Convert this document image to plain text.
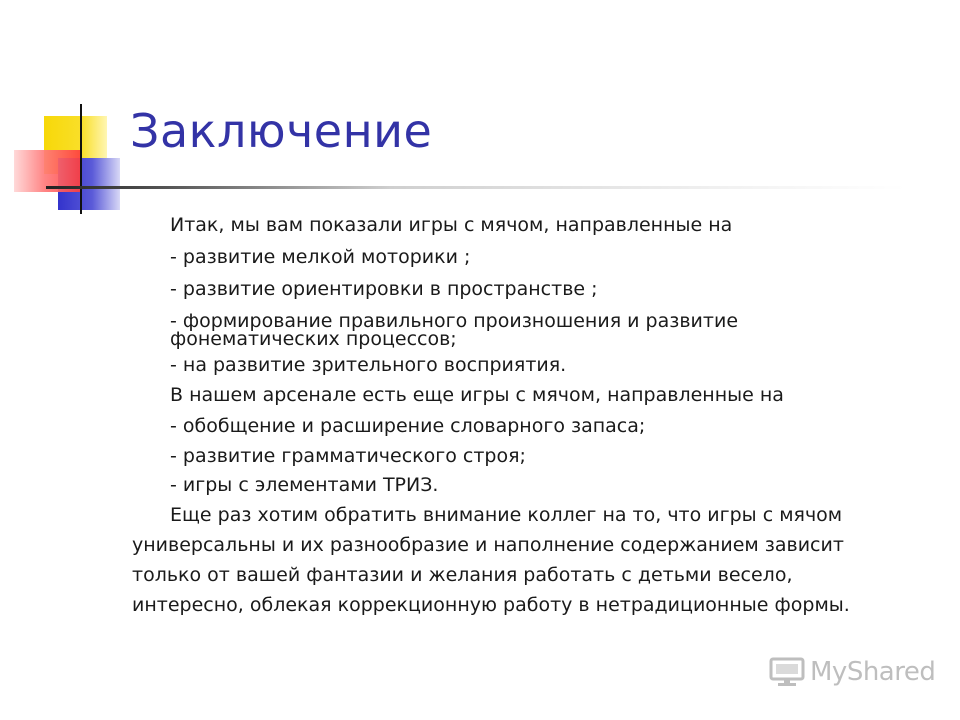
Заключение
Итак, мы вам показали игры с мячом, направленные на
- развитие мелкой моторики ;
- развитие ориентировки в пространстве ;
- формирование правильного произношения и развитие
фонематических процессов;
- на развитие зрительного восприятия.
В нашем арсенале есть еще игры с мячом, направленные на
- обобщение и расширение словарного запаса;
- развитие грамматического строя;
- игры с элементами ТРИЗ.
Еще раз хотим обратить внимание коллег на то, что игры с мячом
универсальны и их разнообразие и наполнение содержанием зависит
только от вашей фантазии и желания работать с детьми весело,
интересно, облекая коррекционную работу в нетрадиционные формы.
MyShared
